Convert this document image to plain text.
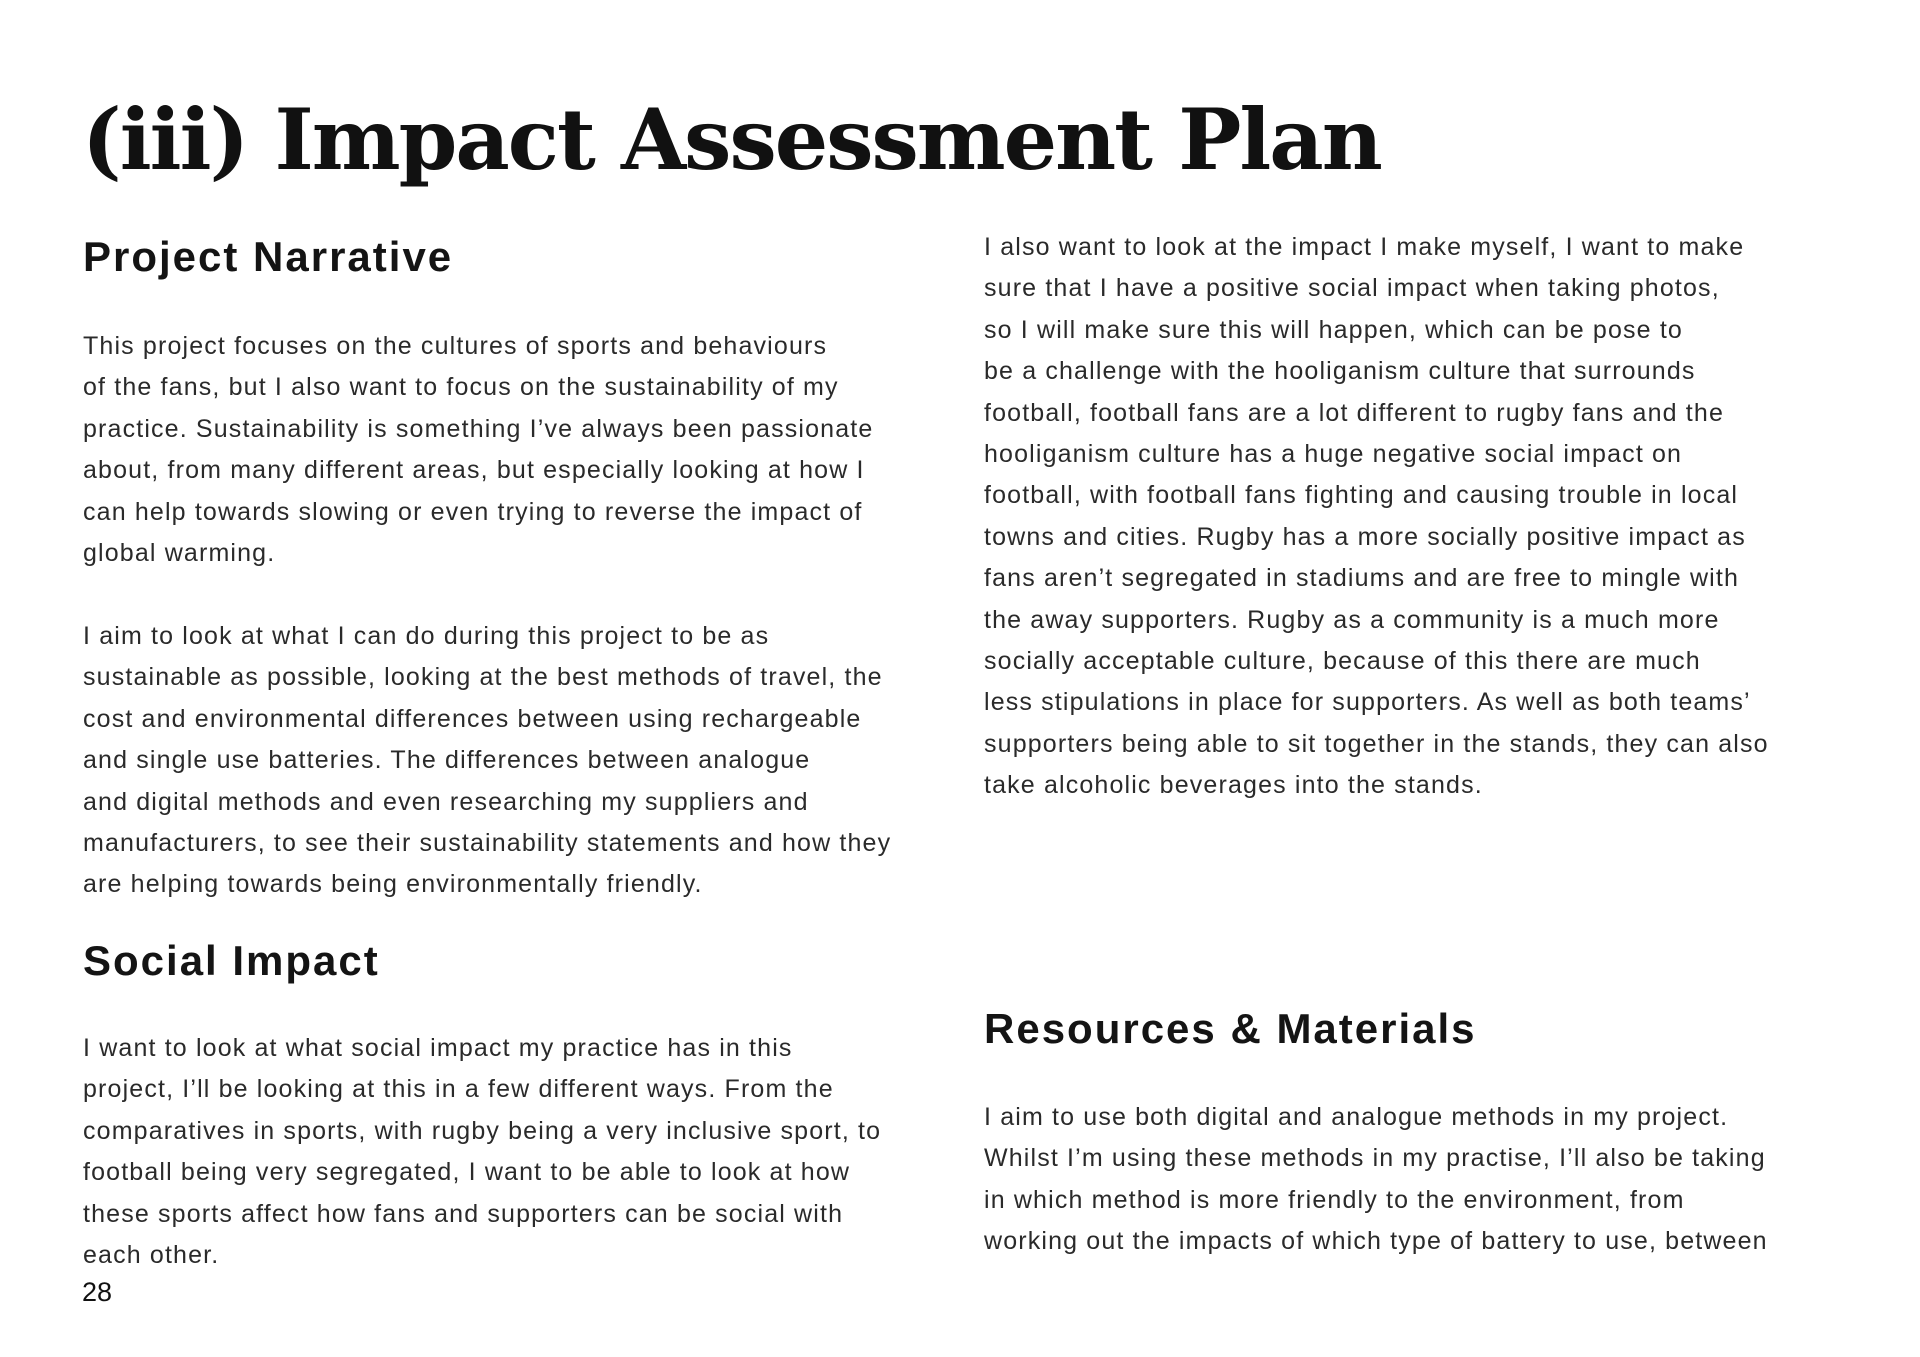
(iii) Impact Assessment Plan
Project Narrative

This project focuses on the cultures of sports and behaviours
of the fans, but I also want to focus on the sustainability of my
practice. Sustainability is something I’ve always been passionate
about, from many different areas, but especially looking at how I
can help towards slowing or even trying to reverse the impact of
global warming.

I aim to look at what I can do during this project to be as
sustainable as possible, looking at the best methods of travel, the
cost and environmental differences between using rechargeable
and single use batteries. The differences between analogue
and digital methods and even researching my suppliers and
manufacturers, to see their sustainability statements and how they
are helping towards being environmentally friendly.

Social Impact

I want to look at what social impact my practice has in this
project, I’ll be looking at this in a few different ways. From the
comparatives in sports, with rugby being a very inclusive sport, to
football being very segregated, I want to be able to look at how
these sports affect how fans and supporters can be social with
each other.

28

I also want to look at the impact I make myself, I want to make
sure that I have a positive social impact when taking photos,
so I will make sure this will happen, which can be pose to
be a challenge with the hooliganism culture that surrounds
football, football fans are a lot different to rugby fans and the
hooliganism culture has a huge negative social impact on
football, with football fans fighting and causing trouble in local
towns and cities. Rugby has a more socially positive impact as
fans aren’t segregated in stadiums and are free to mingle with
the away supporters. Rugby as a community is a much more
socially acceptable culture, because of this there are much
less stipulations in place for supporters. As well as both teams’
supporters being able to sit together in the stands, they can also
take alcoholic beverages into the stands.

Resources & Materials

I aim to use both digital and analogue methods in my project.
Whilst I’m using these methods in my practise, I’ll also be taking
in which method is more friendly to the environment, from
working out the impacts of which type of battery to use, between
